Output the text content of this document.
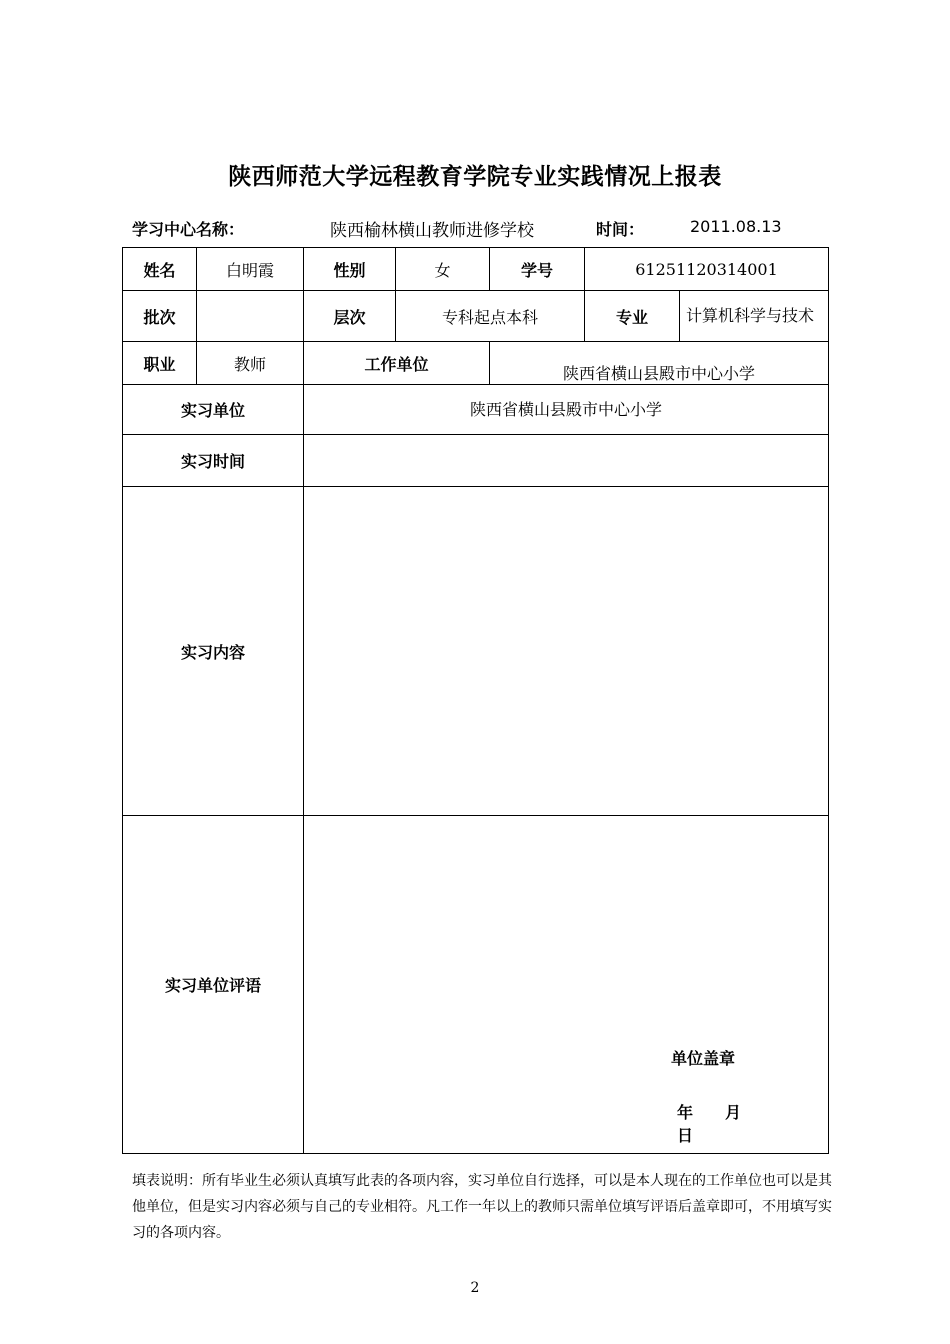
陕西师范大学远程教育学院专业实践情况上报表
学习中心名称：	陕西榆林横山教师进修学校	时间：	2011.08.13
姓名	白明霞	性别	女	学号	61251120314001	
批次		层次	专科起点本科		专业	计算机科学与技术
职业	教师	工作单位		陕西省横山县殿市中心小学		
实习单位		陕西省横山县殿市中心小学				
实习时间						
实习内容						
实习单位评语		单位盖章
年 月日				
填表说明：所有毕业生必须认真填写此表的各项内容，实习单位自行选择，可以是本人现在的工作单位也可以是其他单位，但是实习内容必须与自己的专业相符。凡工作一年以上的教师只需单位填写评语后盖章即可，不用填写实习的各项内容。
2
